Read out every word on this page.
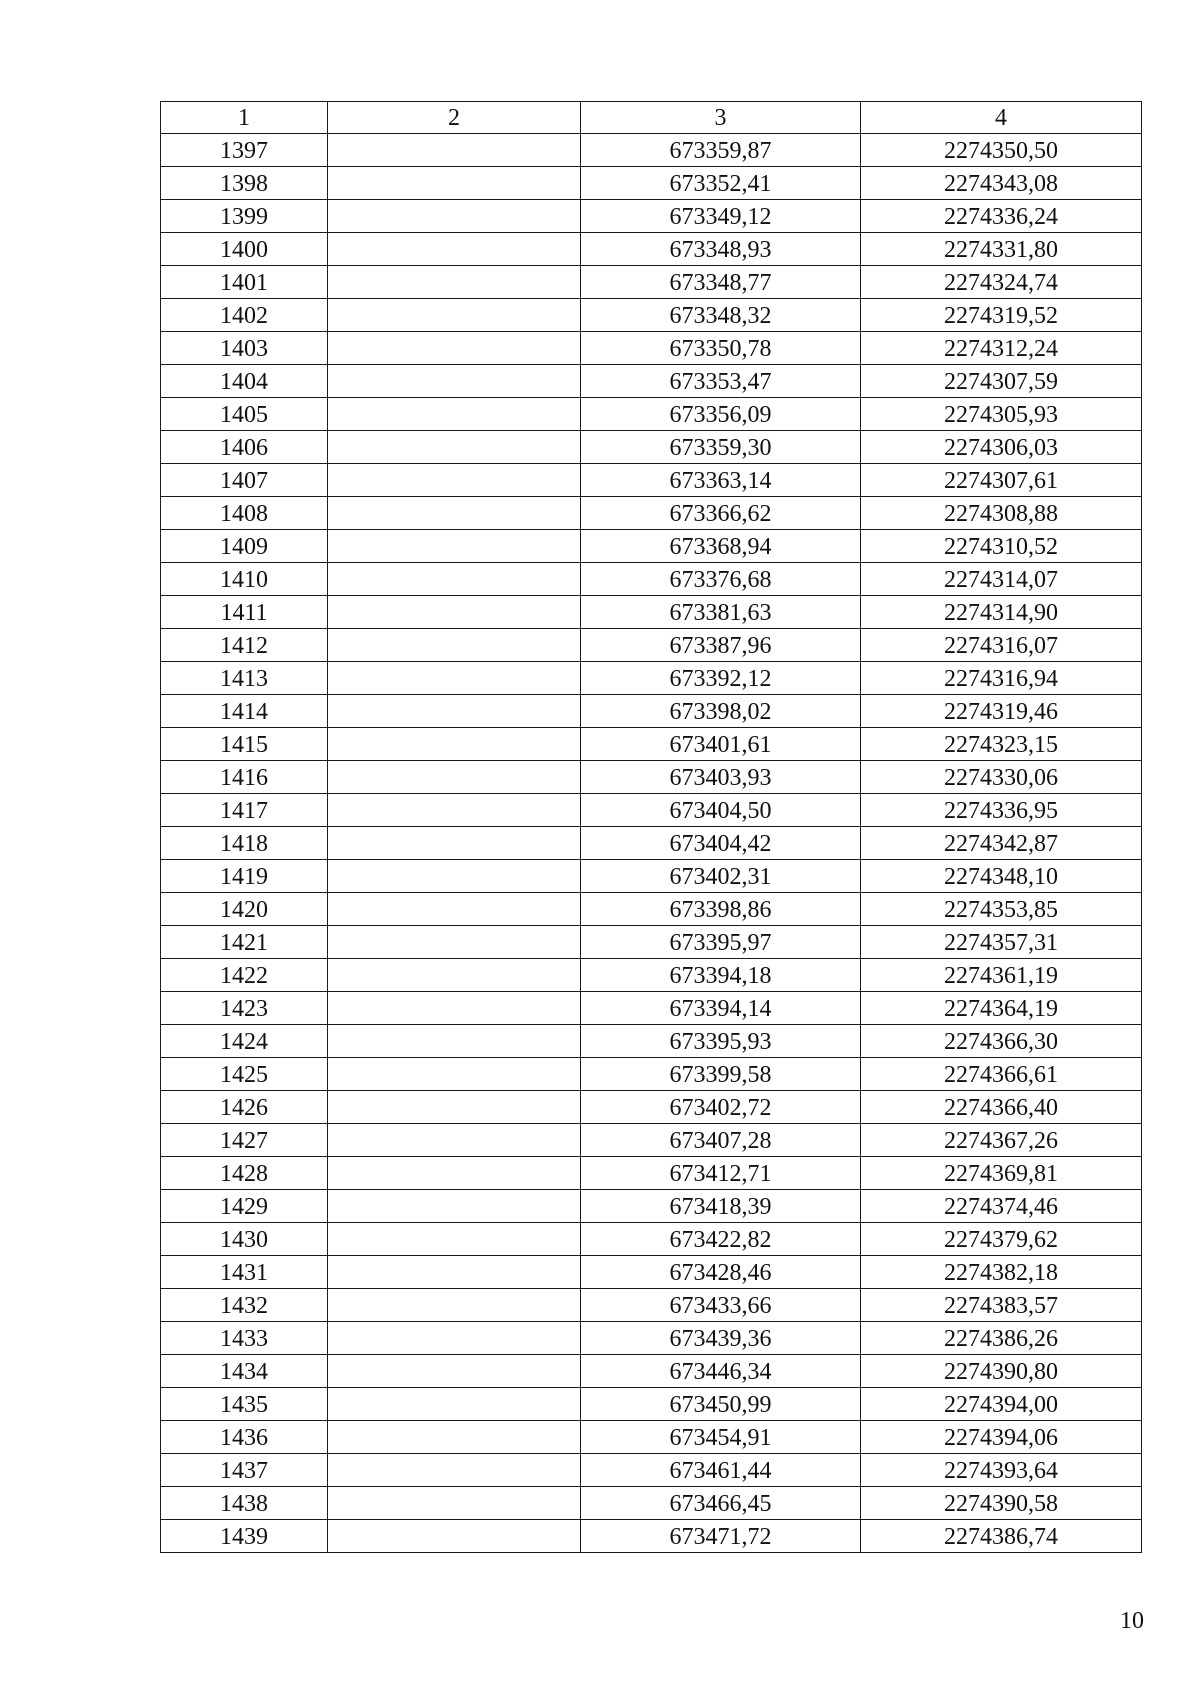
1	2	3	4
1397		673359,87	2274350,50
1398		673352,41	2274343,08
1399		673349,12	2274336,24
1400		673348,93	2274331,80
1401		673348,77	2274324,74
1402		673348,32	2274319,52
1403		673350,78	2274312,24
1404		673353,47	2274307,59
1405		673356,09	2274305,93
1406		673359,30	2274306,03
1407		673363,14	2274307,61
1408		673366,62	2274308,88
1409		673368,94	2274310,52
1410		673376,68	2274314,07
1411		673381,63	2274314,90
1412		673387,96	2274316,07
1413		673392,12	2274316,94
1414		673398,02	2274319,46
1415		673401,61	2274323,15
1416		673403,93	2274330,06
1417		673404,50	2274336,95
1418		673404,42	2274342,87
1419		673402,31	2274348,10
1420		673398,86	2274353,85
1421		673395,97	2274357,31
1422		673394,18	2274361,19
1423		673394,14	2274364,19
1424		673395,93	2274366,30
1425		673399,58	2274366,61
1426		673402,72	2274366,40
1427		673407,28	2274367,26
1428		673412,71	2274369,81
1429		673418,39	2274374,46
1430		673422,82	2274379,62
1431		673428,46	2274382,18
1432		673433,66	2274383,57
1433		673439,36	2274386,26
1434		673446,34	2274390,80
1435		673450,99	2274394,00
1436		673454,91	2274394,06
1437		673461,44	2274393,64
1438		673466,45	2274390,58
1439		673471,72	2274386,74
10
